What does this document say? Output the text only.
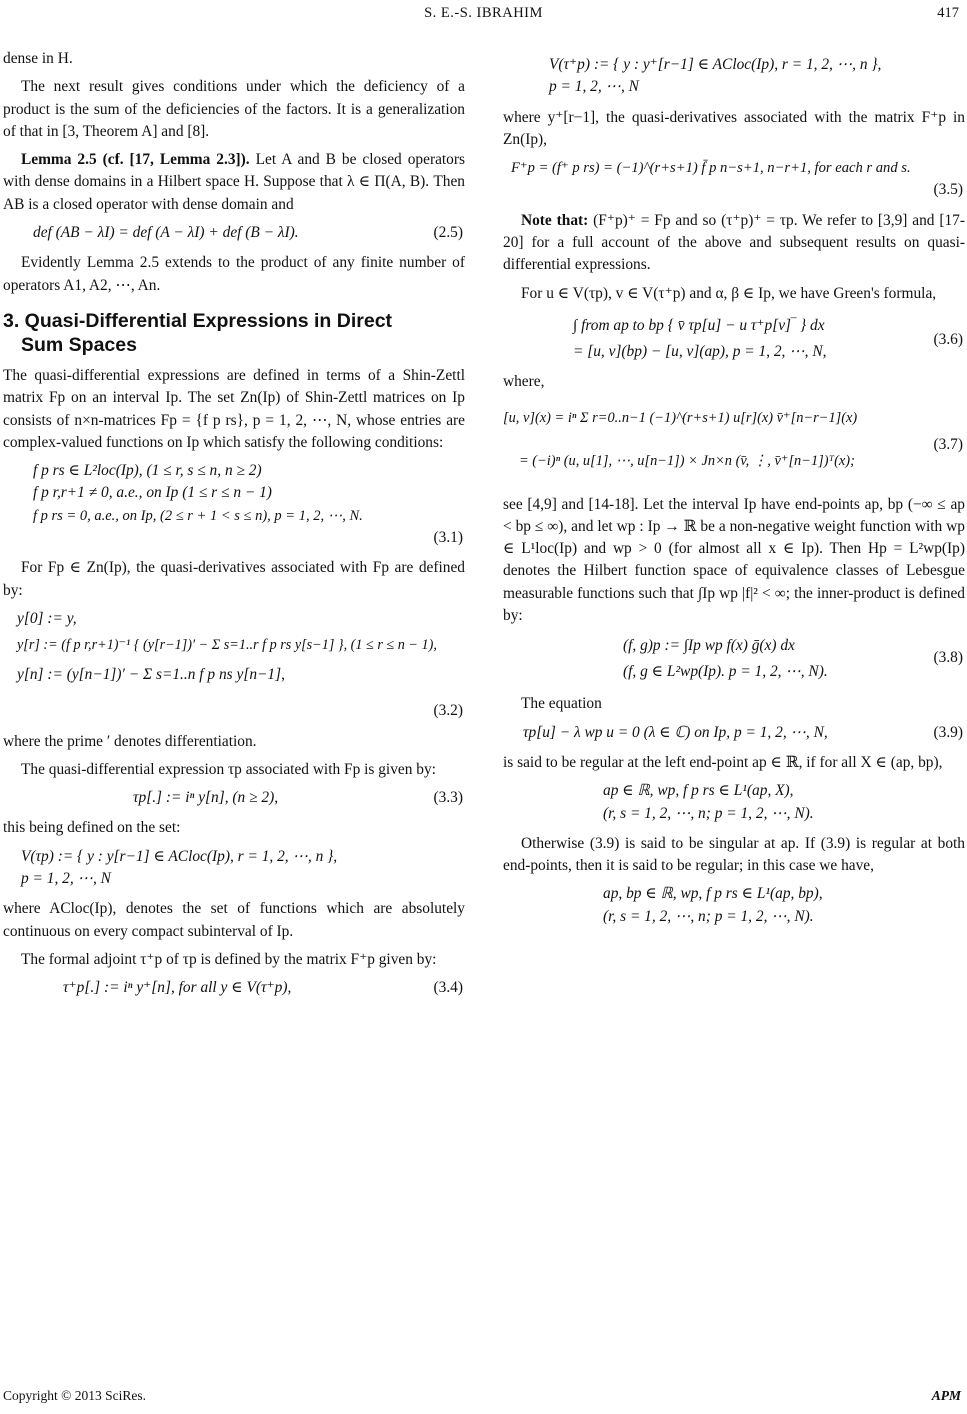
S. E.-S. IBRAHIM	417

dense in H.

The next result gives conditions under which the deficiency of a product is the sum of the deficiencies of the factors. It is a generalization of that in [3, Theorem A] and [8].

Lemma 2.5 (cf. [17, Lemma 2.3]). Let A and B be closed operators with dense domains in a Hilbert space H. Suppose that λ ∈ Π(A, B). Then AB is a closed operator with dense domain and

def (AB − λI) = def (A − λI) + def (B − λI).	(2.5)

Evidently Lemma 2.5 extends to the product of any finite number of operators A1, A2, ⋯, An.

3. Quasi-Differential Expressions in Direct
Sum Spaces

The quasi-differential expressions are defined in terms of a Shin-Zettl matrix Fp on an interval Ip. The set Zn(Ip) of Shin-Zettl matrices on Ip consists of n×n-matrices Fp = {f p rs}, p = 1, 2, ⋯, N, whose entries are complex-valued functions on Ip which satisfy the following conditions:

f p rs ∈ L²loc(Ip), (1 ≤ r, s ≤ n, n ≥ 2)
f p r,r+1 ≠ 0, a.e., on Ip (1 ≤ r ≤ n − 1)
f p rs = 0, a.e., on Ip, (2 ≤ r + 1 < s ≤ n), p = 1, 2, ⋯, N.
(3.1)

For Fp ∈ Zn(Ip), the quasi-derivatives associated with Fp are defined by:

y[0] := y,
y[r] := (f p r,r+1)⁻¹ { (y[r−1])′ − Σ s=1..r f p rs y[s−1] }, (1 ≤ r ≤ n − 1),
y[n] := (y[n−1])′ − Σ s=1..n f p ns y[n−1],
(3.2)

where the prime ′ denotes differentiation.

The quasi-differential expression τp associated with Fp is given by:

τp[.] := iⁿ y[n], (n ≥ 2),	(3.3)

this being defined on the set:

V(τp) := { y : y[r−1] ∈ ACloc(Ip), r = 1, 2, ⋯, n },
p = 1, 2, ⋯, N

where ACloc(Ip), denotes the set of functions which are absolutely continuous on every compact subinterval of Ip.

The formal adjoint τ⁺p of τp is defined by the matrix F⁺p given by:

τ⁺p[.] := iⁿ y⁺[n], for all y ∈ V(τ⁺p),	(3.4)
V(τ⁺p) := { y : y⁺[r−1] ∈ ACloc(Ip), r = 1, 2, ⋯, n },
p = 1, 2, ⋯, N

where y⁺[r−1], the quasi-derivatives associated with the matrix F⁺p in Zn(Ip),

F⁺p = (f⁺ p rs) = (−1)^(r+s+1) f̄ p n−s+1, n−r+1, for each r and s.
(3.5)

Note that: (F⁺p)⁺ = Fp and so (τ⁺p)⁺ = τp. We refer to [3,9] and [17-20] for a full account of the above and subsequent results on quasi-differential expressions.

For u ∈ V(τp), v ∈ V(τ⁺p) and α, β ∈ Ip, we have Green's formula,

∫ from ap to bp { v̄ τp[u] − u τ⁺p[v]‾ } dx
= [u, v](bp) − [u, v](ap), p = 1, 2, ⋯, N,
(3.6)

where,

[u, v](x) = iⁿ Σ r=0..n−1 (−1)^(r+s+1) u[r](x) v̄⁺[n−r−1](x)
= (−i)ⁿ (u, u[1], ⋯, u[n−1]) × Jn×n (v̄, ⋮, v̄⁺[n−1])ᵀ(x);
(3.7)

see [4,9] and [14-18]. Let the interval Ip have end-points ap, bp (−∞ ≤ ap < bp ≤ ∞), and let wp : Ip → ℝ be a non-negative weight function with wp ∈ L¹loc(Ip) and wp > 0 (for almost all x ∈ Ip). Then Hp = L²wp(Ip) denotes the Hilbert function space of equivalence classes of Lebesgue measurable functions such that ∫Ip wp |f|² < ∞; the inner-product is defined by:

(f, g)p := ∫Ip wp f(x) ḡ(x) dx
(f, g ∈ L²wp(Ip). p = 1, 2, ⋯, N).
(3.8)

The equation

τp[u] − λ wp u = 0 (λ ∈ ℂ) on Ip, p = 1, 2, ⋯, N,	(3.9)

is said to be regular at the left end-point ap ∈ ℝ, if for all X ∈ (ap, bp),

ap ∈ ℝ, wp, f p rs ∈ L¹(ap, X),
(r, s = 1, 2, ⋯, n; p = 1, 2, ⋯, N).

Otherwise (3.9) is said to be singular at ap. If (3.9) is regular at both end-points, then it is said to be regular; in this case we have,

ap, bp ∈ ℝ, wp, f p rs ∈ L¹(ap, bp),
(r, s = 1, 2, ⋯, n; p = 1, 2, ⋯, N).
Copyright © 2013 SciRes.	APM
